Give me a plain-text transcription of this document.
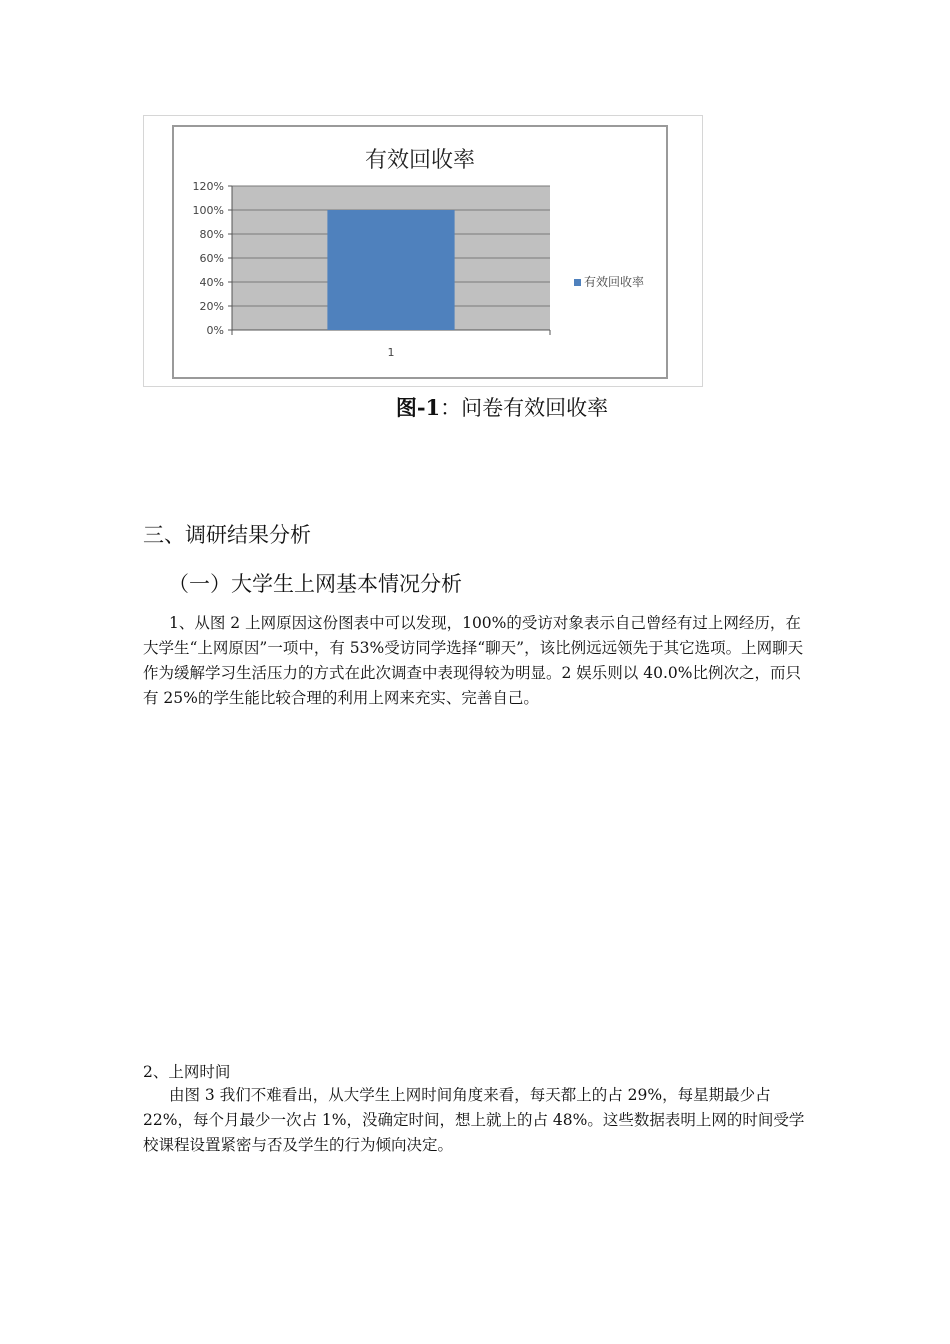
有效回收率
0%
20%
40%
60%
80%
100%
120%
1
有效回收率
图-1：问卷有效回收率
三、调研结果分析
（一）大学生上网基本情况分析

1、从图 2 上网原因这份图表中可以发现，100%的受访对象表示自己曾经有过上网经历，在大学生“上网原因”一项中，有 53%受访同学选择“聊天”，该比例远远领先于其它选项。上网聊天作为缓解学习生活压力的方式在此次调查中表现得较为明显。2 娱乐则以 40.0%比例次之，而只有 25%的学生能比较合理的利用上网来充实、完善自己。

2、上网时间

由图 3 我们不难看出，从大学生上网时间角度来看，每天都上的占 29%，每星期最少占 22%，每个月最少一次占 1%，没确定时间，想上就上的占 48%。这些数据表明上网的时间受学校课程设置紧密与否及学生的行为倾向决定。
